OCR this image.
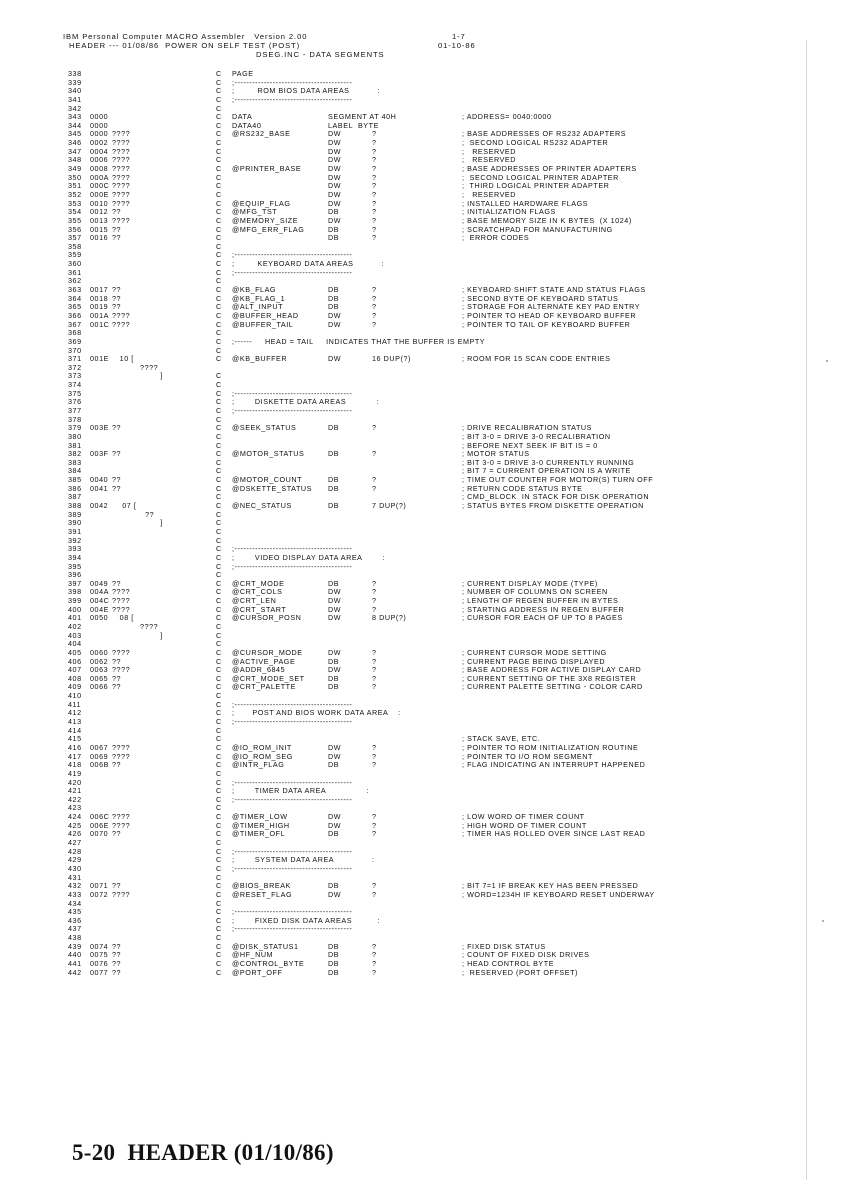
IBM Personal Computer MACRO Assembler   Version 2.00	1-7
HEADER --- 01/08/86  POWER ON SELF TEST (POST)	01-10-86
DSEG.INC - DATA SEGMENTS
338	C PAGE
339	C ;----------------------------------------
340	C ;         ROM BIOS DATA AREAS           :
341	C ;----------------------------------------
342	C
343 0000	C DATA	SEGMENT AT 40H	; ADDRESS= 0040:0000
344 0000	C DATA40	LABEL  BYTE
345 0000 ????	C @RS232_BASE	DW	?	; BASE ADDRESSES OF RS232 ADAPTERS
346 0002 ????	C	DW	?	;  SECOND LOGICAL RS232 ADAPTER
347 0004 ????	C	DW	?	;   RESERVED
348 0006 ????	C	DW	?	;   RESERVED
349 0008 ????	C @PRINTER_BASE	DW	?	; BASE ADDRESSES OF PRINTER ADAPTERS
350 000A ????	C	DW	?	;  SECOND LOGICAL PRINTER ADAPTER
351 000C ????	C	DW	?	;  THIRD LOGICAL PRINTER ADAPTER
352 000E ????	C	DW	?	;   RESERVED
353 0010 ????	C @EQUIP_FLAG	DW	?	; INSTALLED HARDWARE FLAGS
354 0012 ??	C @MFG_TST	DB	?	; INITIALIZATION FLAGS
355 0013 ????	C @MEMORY_SIZE	DW	?	; BASE MEMORY SIZE IN K BYTES  (X 1024)
356 0015 ??	C @MFG_ERR_FLAG	DB	?	; SCRATCHPAD FOR MANUFACTURING
357 0016 ??	C	DB	?	;  ERROR CODES
358	C
359	C ;----------------------------------------
360	C ;         KEYBOARD DATA AREAS           :
361	C ;----------------------------------------
362	C
363 0017 ??	C @KB_FLAG	DB	?	; KEYBOARD SHIFT STATE AND STATUS FLAGS
364 0018 ??	C @KB_FLAG_1	DB	?	; SECOND BYTE OF KEYBOARD STATUS
365 0019 ??	C @ALT_INPUT	DB	?	; STORAGE FOR ALTERNATE KEY PAD ENTRY
366 001A ????	C @BUFFER_HEAD	DW	?	; POINTER TO HEAD OF KEYBOARD BUFFER
367 001C ????	C @BUFFER_TAIL	DW	?	; POINTER TO TAIL OF KEYBOARD BUFFER
368	C
369	C ;------     HEAD = TAIL     INDICATES THAT THE BUFFER IS EMPTY
370	C
371 001E 10 [	C @KB_BUFFER	DW	16 DUP(?)	; ROOM FOR 15 SCAN CODE ENTRIES
372	????
373	]	C
374	C
375	C ;----------------------------------------
376	C ;        DISKETTE DATA AREAS            :
377	C ;----------------------------------------
378	C
379 003E ??	C @SEEK_STATUS	DB	?	; DRIVE RECALIBRATION STATUS
380	C	; BIT 3-0 = DRIVE 3-0 RECALIBRATION
381	C	; BEFORE NEXT SEEK IF BIT IS = 0
382 003F ??	C @MOTOR_STATUS	DB	?	; MOTOR STATUS
383	C	; BIT 3-0 = DRIVE 3-0 CURRENTLY RUNNING
384	C	; BIT 7 = CURRENT OPERATION IS A WRITE
385 0040 ??	C @MOTOR_COUNT	DB	?	; TIME OUT COUNTER FOR MOTOR(S) TURN OFF
386 0041 ??	C @DSKETTE_STATUS DB	?	; RETURN CODE STATUS BYTE
387	C	; CMD_BLOCK  IN STACK FOR DISK OPERATION
388 0042 07 [	C @NEC_STATUS	DB	7 DUP(?)	; STATUS BYTES FROM DISKETTE OPERATION
389	??	C
390	]	C
391	C
392	C
393	C ;----------------------------------------
394	C ;        VIDEO DISPLAY DATA AREA        :
395	C ;----------------------------------------
396	C
397 0049 ??	C @CRT_MODE	DB	?	; CURRENT DISPLAY MODE (TYPE)
398 004A ????	C @CRT_COLS	DW	?	; NUMBER OF COLUMNS ON SCREEN
399 004C ????	C @CRT_LEN	DW	?	; LENGTH OF REGEN BUFFER IN BYTES
400 004E ????	C @CRT_START	DW	?	; STARTING ADDRESS IN REGEN BUFFER
401 0050 08 [	C @CURSOR_POSN	DW	8 DUP(?)	; CURSOR FOR EACH OF UP TO 8 PAGES
402	????	C
403	]	C
404	C
405 0060 ????	C @CURSOR_MODE	DW	?	; CURRENT CURSOR MODE SETTING
406 0062 ??	C @ACTIVE_PAGE	DB	?	; CURRENT PAGE BEING DISPLAYED
407 0063 ????	C @ADDR_6845	DW	?	; BASE ADDRESS FOR ACTIVE DISPLAY CARD
408 0065 ??	C @CRT_MODE_SET	DB	?	; CURRENT SETTING OF THE 3X8 REGISTER
409 0066 ??	C @CRT_PALETTE	DB	?	; CURRENT PALETTE SETTING - COLOR CARD
410	C
411	C ;----------------------------------------
412	C ;       POST AND BIOS WORK DATA AREA    :
413	C ;----------------------------------------
414	C
415	C	; STACK SAVE, ETC.
416 0067 ????	C @IO_ROM_INIT	DW	?	; POINTER TO ROM INITIALIZATION ROUTINE
417 0069 ????	C @IO_ROM_SEG	DW	?	; POINTER TO I/O ROM SEGMENT
418 006B ??	C @INTR_FLAG	DB	?	; FLAG INDICATING AN INTERRUPT HAPPENED
419	C
420	C ;----------------------------------------
421	C ;        TIMER DATA AREA                :
422	C ;----------------------------------------
423	C
424 006C ????	C @TIMER_LOW	DW	?	; LOW WORD OF TIMER COUNT
425 006E ????	C @TIMER_HIGH	DW	?	; HIGH WORD OF TIMER COUNT
426 0070 ??	C @TIMER_OFL	DB	?	; TIMER HAS ROLLED OVER SINCE LAST READ
427	C
428	C ;----------------------------------------
429	C ;        SYSTEM DATA AREA               :
430	C ;----------------------------------------
431	C
432 0071 ??	C @BIOS_BREAK	DB	?	; BIT 7=1 IF BREAK KEY HAS BEEN PRESSED
433 0072 ????	C @RESET_FLAG	DW	?	; WORD=1234H IF KEYBOARD RESET UNDERWAY
434	C
435	C ;----------------------------------------
436	C ;        FIXED DISK DATA AREAS          :
437	C ;----------------------------------------
438	C
439 0074 ??	C @DISK_STATUS1	DB	?	; FIXED DISK STATUS
440 0075 ??	C @HF_NUM	DB	?	; COUNT OF FIXED DISK DRIVES
441 0076 ??	C @CONTROL_BYTE	DB	?	; HEAD CONTROL BYTE
442 0077 ??	C @PORT_OFF	DB	?	;  RESERVED (PORT OFFSET)
5-20 HEADER (01/10/86)
